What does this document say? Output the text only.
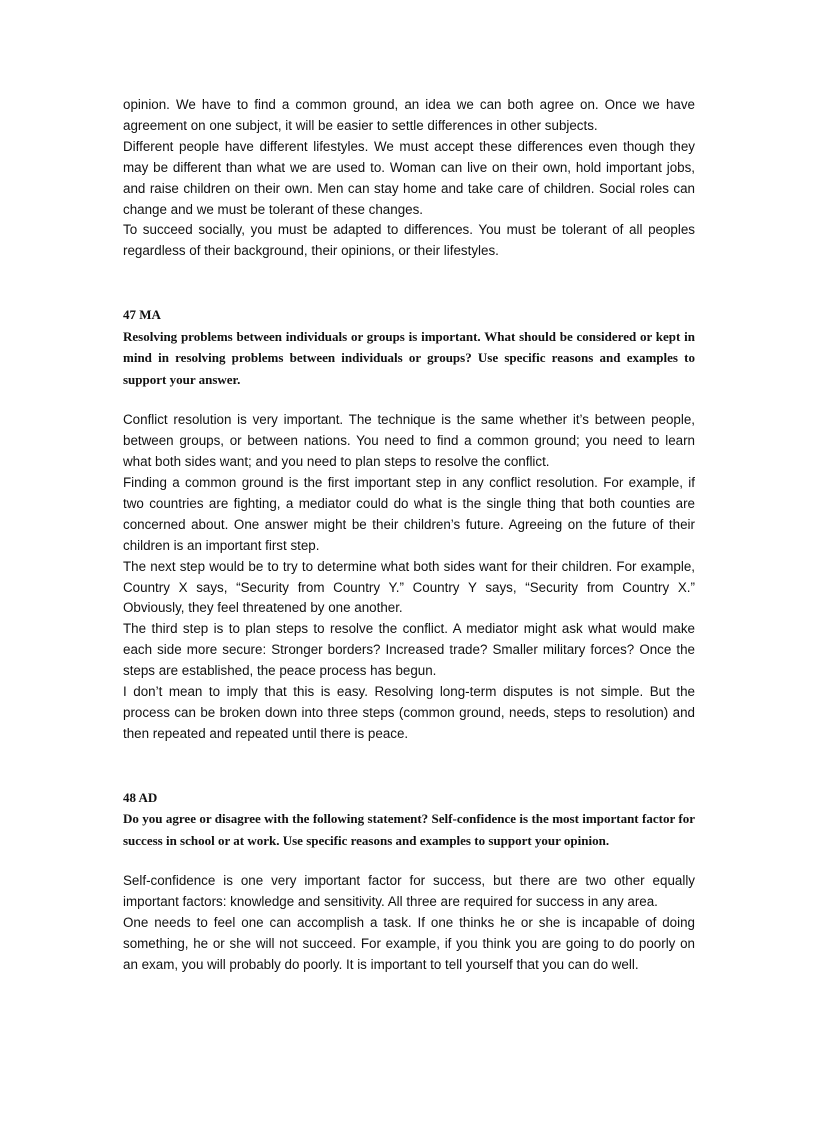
opinion. We have to find a common ground, an idea we can both agree on. Once we have agreement on one subject, it will be easier to settle differences in other subjects.

Different people have different lifestyles. We must accept these differences even though they may be different than what we are used to. Woman can live on their own, hold important jobs, and raise children on their own. Men can stay home and take care of children. Social roles can change and we must be tolerant of these changes.

To succeed socially, you must be adapted to differences. You must be tolerant of all peoples regardless of their background, their opinions, or their lifestyles.

47 MA

Resolving problems between individuals or groups is important. What should be considered or kept in mind in resolving problems between individuals or groups? Use specific reasons and examples to support your answer.

Conflict resolution is very important. The technique is the same whether it’s between people, between groups, or between nations. You need to find a common ground; you need to learn what both sides want; and you need to plan steps to resolve the conflict.

Finding a common ground is the first important step in any conflict resolution. For example, if two countries are fighting, a mediator could do what is the single thing that both counties are concerned about. One answer might be their children’s future. Agreeing on the future of their children is an important first step.

The next step would be to try to determine what both sides want for their children. For example, Country X says, “Security from Country Y.” Country Y says, “Security from Country X.” Obviously, they feel threatened by one another.

The third step is to plan steps to resolve the conflict. A mediator might ask what would make each side more secure: Stronger borders? Increased trade? Smaller military forces? Once the steps are established, the peace process has begun.

I don’t mean to imply that this is easy. Resolving long-term disputes is not simple. But the process can be broken down into three steps (common ground, needs, steps to resolution) and then repeated and repeated until there is peace.

48 AD

Do you agree or disagree with the following statement? Self-confidence is the most important factor for success in school or at work. Use specific reasons and examples to support your opinion.

Self-confidence is one very important factor for success, but there are two other equally important factors: knowledge and sensitivity. All three are required for success in any area.

One needs to feel one can accomplish a task. If one thinks he or she is incapable of doing something, he or she will not succeed. For example, if you think you are going to do poorly on an exam, you will probably do poorly. It is important to tell yourself that you can do well.
